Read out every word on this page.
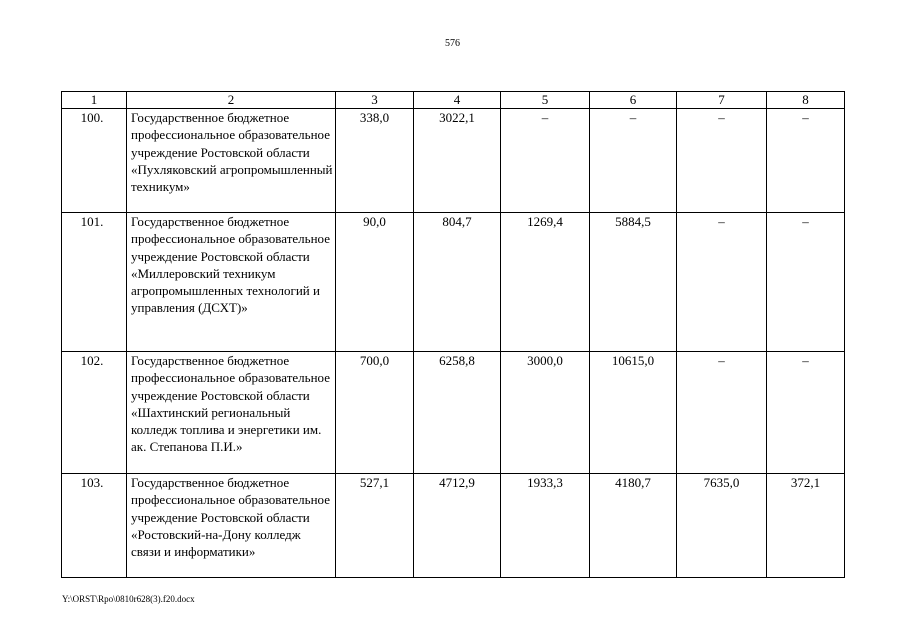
576
1	2	3	4	5	6	7	8
100.	Государственное бюджетное профессиональное образовательное учреждение Ростовской области «Пухляковский агропромышленный техникум»	338,0	3022,1	–	–	–	–
101.	Государственное бюджетное профессиональное образовательное учреждение Ростовской области «Миллеровский техникум агропромышленных технологий и управления (ДСХТ)»	90,0	804,7	1269,4	5884,5	–	–
102.	Государственное бюджетное профессиональное образовательное учреждение Ростовской области «Шахтинский региональный колледж топлива и энергетики им. ак. Степанова П.И.»	700,0	6258,8	3000,0	10615,0	–	–
103.	Государственное бюджетное профессиональное образовательное учреждение Ростовской области «Ростовский-на-Дону колледж связи и информатики»	527,1	4712,9	1933,3	4180,7	7635,0	372,1
Y:\ORST\Rpo\0810r628(3).f20.docx
